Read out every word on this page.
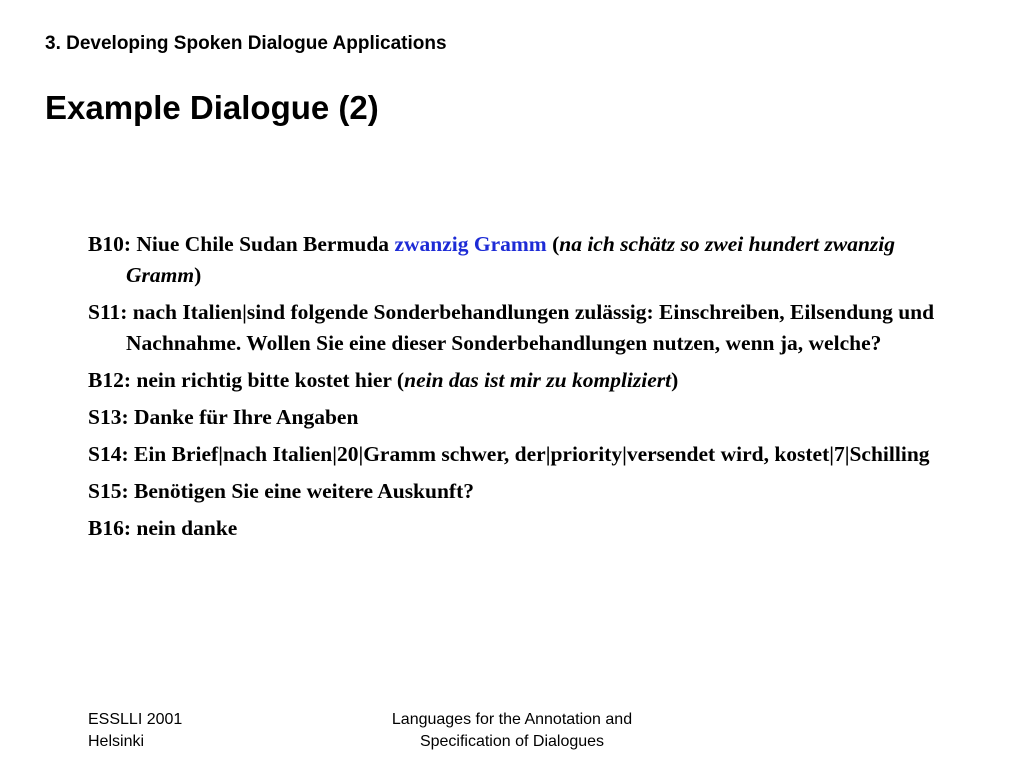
3. Developing Spoken Dialogue Applications
Example Dialogue (2)
B10: Niue Chile Sudan Bermuda zwanzig Gramm (na ich schätz so zwei hundert zwanzig Gramm)
S11: nach Italien|sind folgende Sonderbehandlungen zulässig: Einschreiben, Eilsendung und Nachnahme. Wollen Sie eine dieser Sonderbehandlungen nutzen, wenn ja, welche?
B12: nein richtig bitte kostet hier (nein das ist mir zu kompliziert)
S13: Danke für Ihre Angaben
S14: Ein Brief|nach Italien|20|Gramm schwer, der|priority|versendet wird, kostet|7|Schilling
S15: Benötigen Sie eine weitere Auskunft?
B16: nein danke
ESSLLI 2001
Helsinki
Languages for the Annotation and
Specification of Dialogues
